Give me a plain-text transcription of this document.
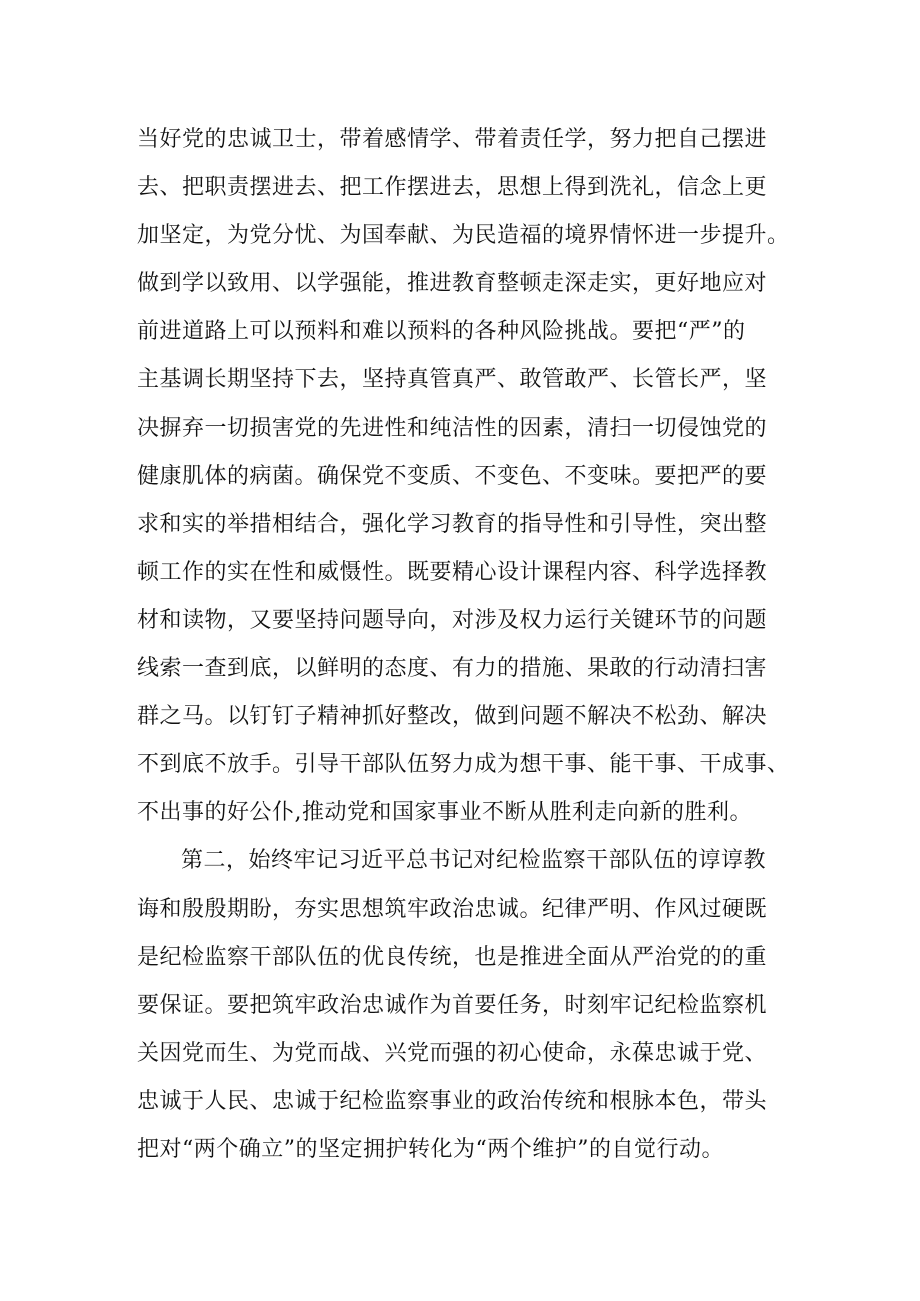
当好党的忠诚卫士，带着感情学、带着责任学，努力把自己摆进
去、把职责摆进去、把工作摆进去，思想上得到洗礼，信念上更
加坚定，为党分忧、为国奉献、为民造福的境界情怀进一步提升。
做到学以致用、以学强能，推进教育整顿走深走实，更好地应对
前进道路上可以预料和难以预料的各种风险挑战。要把“严”的
主基调长期坚持下去，坚持真管真严、敢管敢严、长管长严，坚
决摒弃一切损害党的先进性和纯洁性的因素，清扫一切侵蚀党的
健康肌体的病菌。确保党不变质、不变色、不变味。要把严的要
求和实的举措相结合，强化学习教育的指导性和引导性，突出整
顿工作的实在性和威慑性。既要精心设计课程内容、科学选择教
材和读物，又要坚持问题导向，对涉及权力运行关键环节的问题
线索一查到底，以鲜明的态度、有力的措施、果敢的行动清扫害
群之马。以钉钉子精神抓好整改，做到问题不解决不松劲、解决
不到底不放手。引导干部队伍努力成为想干事、能干事、干成事、
不出事的好公仆,推动党和国家事业不断从胜利走向新的胜利。
第二，始终牢记习近平总书记对纪检监察干部队伍的谆谆教
诲和殷殷期盼，夯实思想筑牢政治忠诚。纪律严明、作风过硬既
是纪检监察干部队伍的优良传统，也是推进全面从严治党的的重
要保证。要把筑牢政治忠诚作为首要任务，时刻牢记纪检监察机
关因党而生、为党而战、兴党而强的初心使命，永葆忠诚于党、
忠诚于人民、忠诚于纪检监察事业的政治传统和根脉本色，带头
把对“两个确立”的坚定拥护转化为“两个维护”的自觉行动。
